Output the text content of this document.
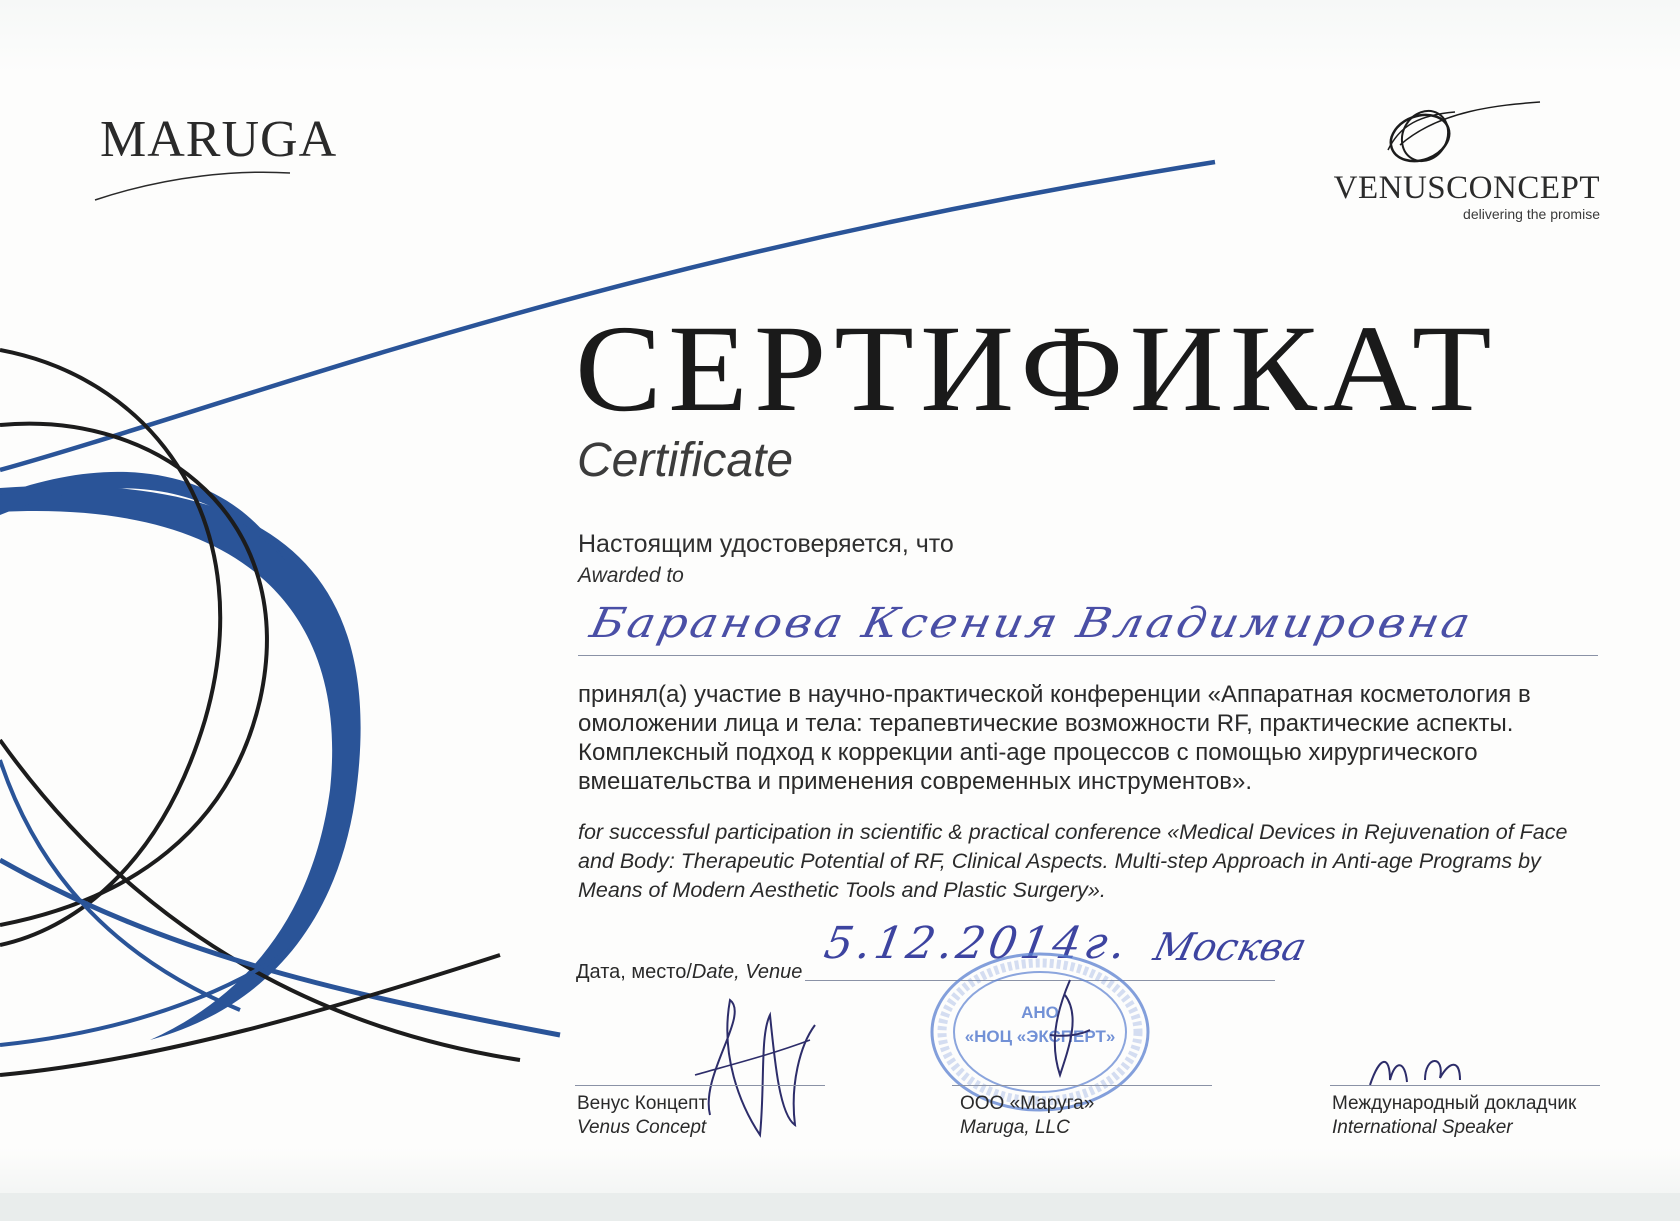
MARUGA
VENUSCONCEPT
delivering the promise
СЕРТИФИКАТ
Certificate
Настоящим удостоверяется, что
Awarded to
Баранова Ксения Владимировна
принял(а) участие в научно-практической конференции «Аппаратная косметология в омоложении лица и тела: терапевтические возможности RF, практические аспекты. Комплексный подход к коррекции anti-age процессов с помощью хирургического вмешательства и применения современных инструментов».
for successful participation in scientific & practical conference «Medical Devices in Rejuvenation of Face and Body: Therapeutic Potential of RF, Clinical Aspects. Multi-step Approach in Anti-age Programs by Means of Modern Aesthetic Tools and Plastic Surgery».
Дата, место/Date, Venue
5.12.2014г. Москва
АНО
«НОЦ «ЭКСПЕРТ»
Венус Концепт
Venus Concept
ООО «Маруга»
Maruga, LLC
Международный докладчик
International Speaker
